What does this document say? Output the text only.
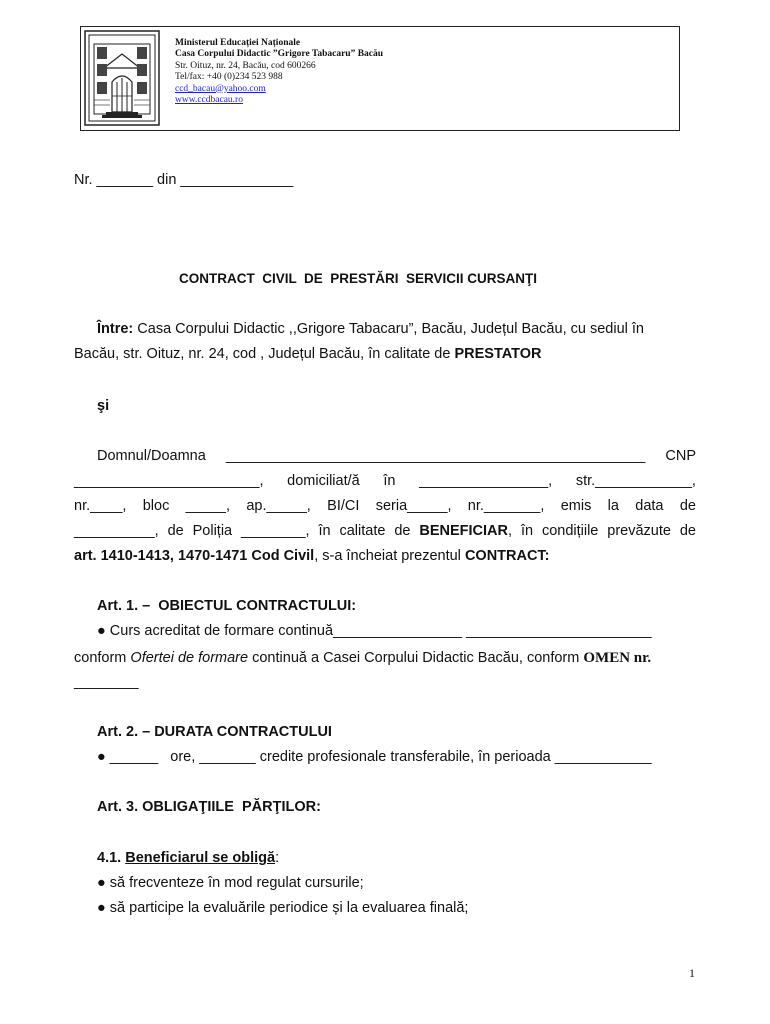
Ministerul Educației Naționale
Casa Corpului Didactic ”Grigore Tabacaru” Bacău
Str. Oituz, nr. 24, Bacău, cod 600266
Tel/fax: +40 (0)234 523 988
ccd_bacau@yahoo.com
www.ccdbacau.ro
Nr. _______ din ______________
CONTRACT  CIVIL  DE  PRESTĂRI  SERVICII CURSANŢI
Între: Casa Corpului Didactic ,,Grigore Tabacaru”, Bacău, Județul Bacău, cu sediul în
Bacău, str. Oituz, nr. 24, cod , Județul Bacău, în calitate de PRESTATOR
şi
Domnul/Doamna ____________________________________________________ CNP
_______________________, domiciliat/ă în ________________, str.____________,
nr.____, bloc _____, ap._____, BI/CI seria_____, nr._______, emis la data de
__________, de Poliția ________, în calitate de BENEFICIAR, în condițiile prevăzute de
art. 1410-1413, 1470-1471 Cod Civil, s-a încheiat prezentul CONTRACT:
Art. 1. –  OBIECTUL CONTRACTULUI:
● Curs acreditat de formare continuă________________ _______________________
conform Ofertei de formare continuă a Casei Corpului Didactic Bacău, conform OMEN nr.
________
Art. 2. – DURATA CONTRACTULUI
● ______   ore, _______ credite profesionale transferabile, în perioada ____________
Art. 3. OBLIGAŢIILE  PĂRŢILOR:
4.1. Beneficiarul se obligă:
● să frecventeze în mod regulat cursurile;
● să participe la evaluările periodice și la evaluarea finală;
1
